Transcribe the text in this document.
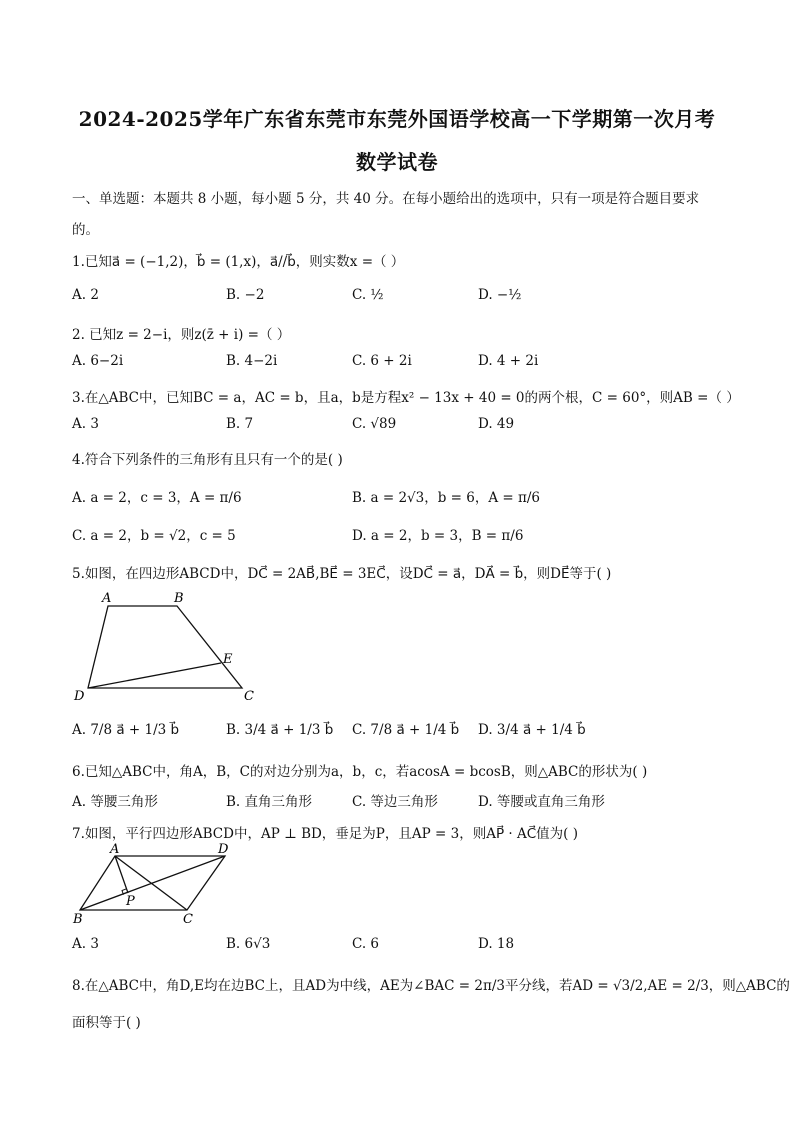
2024-2025学年广东省东莞市东莞外国语学校高一下学期第一次月考
数学试卷
一、单选题：本题共 8 小题，每小题 5 分，共 40 分。在每小题给出的选项中，只有一项是符合题目要求
的。
1.已知a⃗ = (−1,2)，b⃗ = (1,x)，a⃗//b⃗，则实数x =（ ）
A. 2	B. −2	C. ½	D. −½
2. 已知z = 2−i，则z(z̄ + i) =（ ）
A. 6−2i	B. 4−2i	C. 6 + 2i	D. 4 + 2i
3.在△ABC中，已知BC = a，AC = b，且a，b是方程x² − 13x + 40 = 0的两个根，C = 60°，则AB =（ ）
A. 3	B. 7	C. √89	D. 49
4.符合下列条件的三角形有且只有一个的是( )
A. a = 2，c = 3，A = π/6	B. a = 2√3，b = 6，A = π/6
C. a = 2，b = √2，c = 5	D. a = 2，b = 3，B = π/6
5.如图，在四边形ABCD中，DC⃗ = 2AB⃗,BE⃗ = 3EC⃗，设DC⃗ = a⃗，DA⃗ = b⃗，则DE⃗等于( )
A	B
E
D	C
A. 7/8 a⃗ + 1/3 b⃗	B. 3/4 a⃗ + 1/3 b⃗ C. 7/8 a⃗ + 1/4 b⃗ D. 3/4 a⃗ + 1/4 b⃗
6.已知△ABC中，角A，B，C的对边分别为a，b，c，若acosA = bcosB，则△ABC的形状为( )
A. 等腰三角形	B. 直角三角形	C. 等边三角形	D. 等腰或直角三角形
7.如图，平行四边形ABCD中，AP ⊥ BD，垂足为P，且AP = 3，则AP⃗ · AC⃗值为( )
A	D
P
B	C
A. 3	B. 6√3	C. 6	D. 18
8.在△ABC中，角D,E均在边BC上，且AD为中线，AE为∠BAC = 2π/3平分线，若AD = √3/2,AE = 2/3，则△ABC的
面积等于( )
